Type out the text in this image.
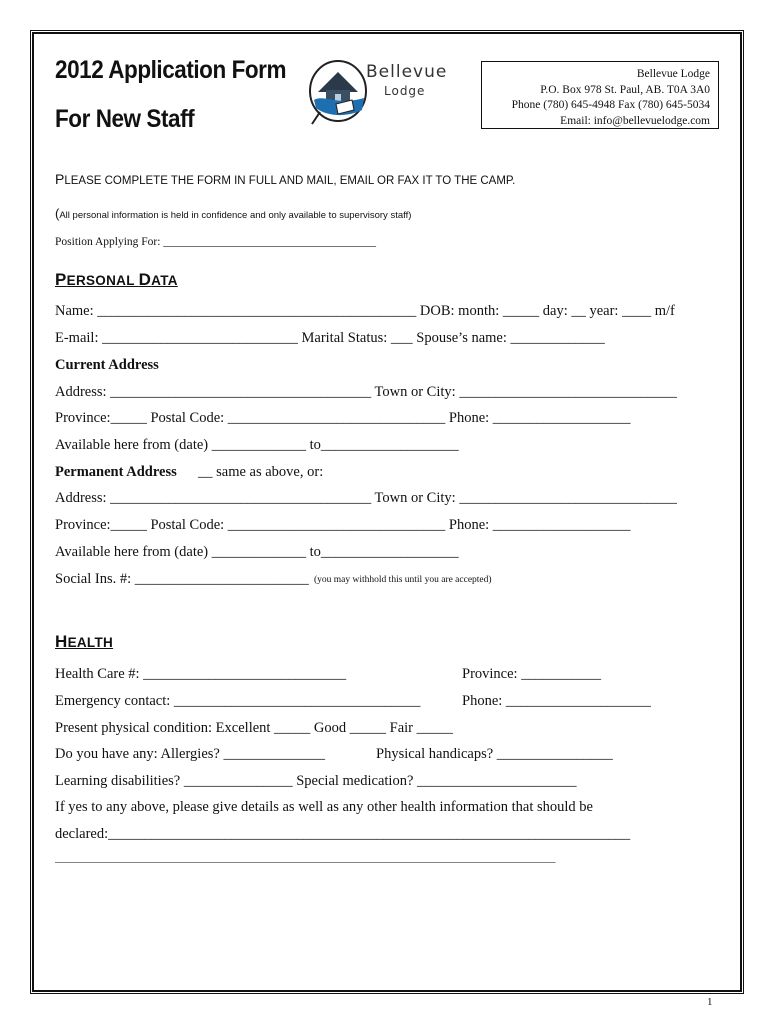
2012 Application Form
For New Staff
Bellevue
Lodge
Bellevue Lodge
P.O. Box 978 St. Paul, AB. T0A 3A0
Phone (780) 645-4948 Fax (780) 645-5034
Email: info@bellevuelodge.com
PLEASE COMPLETE THE FORM IN FULL AND MAIL, EMAIL OR FAX IT TO THE CAMP.
(All personal information is held in confidence and only available to supervisory staff)
Position Applying For: _____________________________________
PERSONAL DATA
Name: ____________________________________________ DOB: month: _____ day: __ year: ____ m/f
E-mail: ___________________________ Marital Status: ___ Spouse’s name: _____________
Current Address
Address: ____________________________________ Town or City: ______________________________
Province:_____ Postal Code: ______________________________ Phone: ___________________
Available here from (date) _____________ to___________________
Permanent Address __ same as above, or:
Address: ____________________________________ Town or City: ______________________________
Province:_____ Postal Code: ______________________________ Phone: ___________________
Available here from (date) _____________ to___________________
Social Ins. #: ________________________ (you may withhold this until you are accepted)
HEALTH
Health Care #: ____________________________	Province: ___________
Emergency contact: __________________________________	Phone: ____________________
Present physical condition: Excellent _____ Good _____ Fair _____
Do you have any: Allergies? ______________	Physical handicaps? ________________
Learning disabilities? _______________ Special medication? ______________________
If yes to any above, please give details as well as any other health information that should be
declared:________________________________________________________________________
___________________________________________________________________________________________
1
